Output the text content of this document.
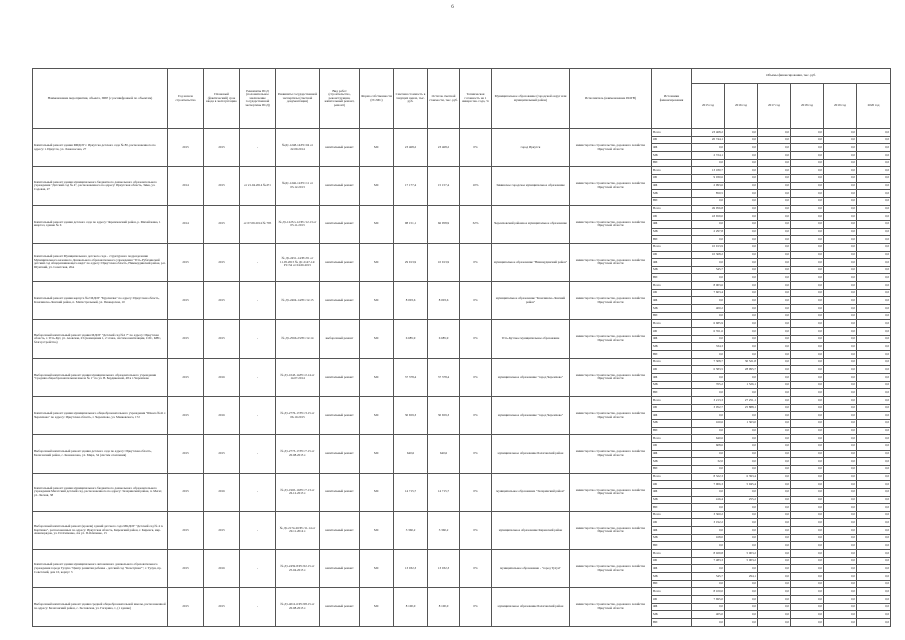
6
Наименование мероприятия, объекта, ППР (с расшифровкой по объектам)	Год начала строительства	Плановый (фактический) срок ввода в эксплуатацию	Реквизиты ПСД (положительное заключение государственной экспертизы ПСД)	Реквизиты государственной экспертизы (сметной документации)	Вид работ (строительство, реконструкция, капитальный ремонт, ремонт)	Форма собственности (ГС/МС)	Сметная стоимость в текущих ценах, тыс. руб.	Остаток сметной стоимости, тыс. руб.	Техническая готовность на 1 января тек. года, %	Муниципальное образование (городской округ или муниципальный район)	Исполнитель (наименование ИОГВ)	Источники финансирования	Объемы финансирования, тыс. руб.					
													2015 год	2016 год	2017 год	2018 год	2019 год	2020 год
Капитальный ремонт здания МБДОУ г. Иркутска детского сада № 80, расположенного по адресу: г. Иркутск, ул. Ломоносова, 27	2015	2015	-	№Дт-1248-14/РС/04 от 22.09.2014	капитальный ремонт	МС	23 468,2	23 468,2	0%	город Иркутск	министерство строительства, дорожного хозяйства Иркутской области	Всего	23 468,2	0,0	0,0	0,0	0,0	0,0
												ОБ	20 744,1	0,0	0,0	0,0	0,0	0,0
												ФБ	0,0	0,0	0,0	0,0	0,0	0,0
												МБ	2 724,1	0,0	0,0	0,0	0,0	0,0
												ВИ	0,0	0,0	0,0	0,0	0,0	0,0
Капитальный ремонт здания муниципального бюджетного дошкольного образовательного учреждения "Детский сад № 4", расположенного по адресу: Иркутская область, Зима, ул. Садовая, 27	2014	2015	от 21.04.2014 №471	№Дт-1246-12/РС/11 от 03.12.2013	капитальный ремонт	МС	17 177,4	15 157,4	10%	Зиминское городское муниципальное образование	министерство строительства, дорожного хозяйства Иркутской области	Всего	13 180,7	0,0	0,0	0,0	0,0	0,0
												ОБ	9 030,6	0,0	0,0	0,0	0,0	0,0
												ФБ	2 993,6	0,0	0,0	0,0	0,0	0,0
												МБ	850,5	0,0	0,0	0,0	0,0	0,0
												ВИ	0,0	0,0	0,0	0,0	0,0	0,0
Капитальный ремонт здания детского сада по адресу: Черемховский район, р. Михайловка, 1 квартал, здание № 6	2014	2015	от 07.09.2014 № 795	№ Дт-1225/з-12/РС/12.13 от 05.11.2013	капитальный ремонт	МС	98 151,1	66 958,9	32%	Черемховский районное муниципальное образование	министерство строительства, дорожного хозяйства Иркутской области	Всего	49 956,8	0,0	0,0	0,0	0,0	0,0
												ОБ	43 659,0	0,0	0,0	0,0	0,0	0,0
												ФБ	0,0	0,0	0,0	0,0	0,0	0,0
												МБ	2 297,8	0,0	0,0	0,0	0,0	0,0
												ВИ	0,0	0,0	0,0	0,0	0,0	0,0
Капитальный ремонт Муниципального детского сада - структурного подразделения Муниципального казенного Дошкольного образовательного учреждения "Усть-Рубахинский детский сад общеразвивающего вида" по адресу: Иркутская область, Нижнеудинский район, р.п. Шумский, ул. Советская, 26А	2015	2015	-	№ Дт-2451-14/РС/01 от 11.05.2015 № Дт-2147-14/РС/34 от 04.06.2015	капитальный ремонт	МС	29 913,9	10 913,9	0%	муниципальное образование "Нижнеудинский район"	министерство строительства, дорожного хозяйства Иркутской области	Всего	10 913,9	0,0	0,0	0,0	0,0	0,0
												ОБ	10 368,2	0,0	0,0	0,0	0,0	0,0
												ФБ	0,0	0,0	0,0	0,0	0,0	0,0
												МБ	545,7	0,0	0,0	0,0	0,0	0,0
												ВИ	0,0	0,0	0,0	0,0	0,0	0,0
Капитальный ремонт здания корпуса №2 МДОУ "Брусничка" по адресу: Иркутская область, Казачинско-Ленский район, п. Магистральный, ул. Пионерская, 10	2015	2015	-	№ Дт-2404-14/РС/12.15	капитальный ремонт	МС	8 003,6	8 003,6	0%	муниципальное образование "Казачинско-Ленский район"	министерство строительства, дорожного хозяйства Иркутской области	Всего	8 003,6	0,0	0,0	0,0	0,0	0,0
												ОБ	7 603,4	0,0	0,0	0,0	0,0	0,0
												ФБ	0,0	0,0	0,0	0,0	0,0	0,0
												МБ	400,2	0,0	0,0	0,0	0,0	0,0
												ВИ	0,0	0,0	0,0	0,0	0,0	0,0
Выборочный капитальный ремонт здания МДОУ "Детский сад №2 7" по адресу: Иркутская область, г. Усть-Кут, ул. Азовская, 23 (помещения 1, 2 этажа, система вентиляции, СЛС, КНС, благоустройство)	2015	2015	-	№ Дт-2566-23/РС/12.14	выборочный ремонт	МС	6 685,9	6 685,9	0%	Усть-Кутское муниципальное образование	министерство строительства, дорожного хозяйства Иркутской области	Всего	6 685,9	0,0	0,0	0,0	0,0	0,0
												ОБ	6 351,6	0,0	0,0	0,0	0,0	0,0
												ФБ	0,0	0,0	0,0	0,0	0,0	0,0
												МБ	334,3	0,0	0,0	0,0	0,0	0,0
												ВИ	0,0	0,0	0,0	0,0	0,0	0,0
Выборочный капитальный ремонт здания муниципального образовательного учреждения "Средняя общеобразовательная школа № 1" по ул. В. Бердикеевой, 48 в г. Черемхово	2015	2016	-	№ Дт-1043-14/РС/2.14 от 14.07.2014	капитальный ремонт	МС	37 378,4	37 378,4	0%	муниципальное образование "город Черемхово"	министерство строительства, дорожного хозяйства Иркутской области	Всего	7 308,7	30 521,8	0,0	0,0	0,0	0,0
												ОБ	6 583,5	28 995,7	0,0	0,0	0,0	0,0
												ФБ	0,0	0,0	0,0	0,0	0,0	0,0
												МБ	765,2	1 526,1	0,0	0,0	0,0	0,0
												ВИ	0,0	0,0	0,0	0,0	0,0	0,0
Капитальный ремонт здания муниципального общеобразовательного учреждения "Школа №41 г. Черемхово" по адресу: Иркутская область, г. Черемхово, ул. Маяковского, 172	2015	2016	-	№ Дт-2776-17/РС/3.15 от 06.10.2015	капитальный ремонт	МС	30 659,3	30 659,3	0%	муниципальное образование "город Черемхово"	министерство строительства, дорожного хозяйства Иркутской области	Всего	3 213,3	27 251,1	0,0	0,0	0,0	0,0
												ОБ	3 052,7	25 888,1	0,0	0,0	0,0	0,0
												ФБ	0,0	0,0	0,0	0,0	0,0	0,0
												МБ	160,6	1 363,0	0,0	0,0	0,0	0,0
												ВИ	0,0	0,0	0,0	0,0	0,0	0,0
Выборочный капитальный ремонт здания детского сада по адресу: Иркутская область, Балаганский район, с. Коновалово, ул. Мира, 34 (систем отопления)	2015	2015	-	№ Дт-2773-17/РС/7.15 от 20.08.2015 г.	капитальный ремонт	МС	640,6	640,6	0%	муниципальное образование Балаганский район	министерство строительства, дорожного хозяйства Иркутской области	Всего	640,6	0,0	0,0	0,0	0,0	0,0
												ОБ	608,6	0,0	0,0	0,0	0,0	0,0
												ФБ	0,0	0,0	0,0	0,0	0,0	0,0
												МБ	32,0	0,0	0,0	0,0	0,0	0,0
												ВИ	0,0	0,0	0,0	0,0	0,0	0,0
Капитальный ремонт здания муниципального бюджетного дошкольного образовательного учреждения Мегетский детский сад, расположенного по адресу: Заларинский район, п. Мегет, ул. Лесная, 38	2015	2016	-	№ Дт-1965-10/РС/7.13 от 26.12.2013 г.	капитальный ремонт	МС	14 715,7	14 715,7	0%	муниципальное образование "Заларинский район"	министерство строительства, дорожного хозяйства Иркутской области	Всего	8 322,3	6 393,4	0,0	0,0	0,0	0,0
												ОБ	7 906,3	5 945,4	0,0	0,0	0,0	0,0
												ФБ	0,0	0,0	0,0	0,0	0,0	0,0
												МБ	416,4	255,2	0,0	0,0	0,0	0,0
												ВИ	0,0	0,0	0,0	0,0	0,0	0,0
Выборочный капитальный ремонт (кровли) зданий детского сада МКДОУ "Детский сад № 4 п. Кортинка", расположенных по адресу: Иркутская область, Киренский район, г. Киренск, мкр. Авиапорядок, ул. П.Осипенко, 4 и ул. П.Осипенко, 15	2015	2015	-	№ Дт-2174-20/РС/11.14 от 29.11.2014 г.	капитальный ремонт	МС	3 360,2	3 360,2	0%	муниципальное образование Киренский район	министерство строительства, дорожного хозяйства Иркутской области	Всего	3 360,2	0,0	0,0	0,0	0,0	0,0
												ОБ	3 192,2	0,0	0,0	0,0	0,0	0,0
												ФБ	0,0	0,0	0,0	0,0	0,0	0,0
												МБ	168,0	0,0	0,0	0,0	0,0	0,0
												ВИ	0,0	0,0	0,0	0,0	0,0	0,0
Капитальный ремонт здания муниципального автономного дошкольного образовательного учреждения города Тулуна "Центр развития ребенка - детский сад "Кочетушка"", г. Тулун, пр. Советский, дом 10, корпус 3	2015	2016	-	№ Дт-2459-8/РС/02.15 от 25.04.2015 г.	капитальный ремонт	МС	13 032,3	13 032,3	0%	муниципальное образование - "город Тулун"	министерство строительства, дорожного хозяйства Иркутской области	Всего	8 029,8	5 003,2	0,0	0,0	0,0	0,0
												ОБ	7 483,3	5 003,2	0,0	0,0	0,0	0,0
												ФБ	0,0	0,0	0,0	0,0	0,0	0,0
												МБ	545,7	294,1	0,0	0,0	0,0	0,0
												ВИ	0,0	0,0	0,0	0,0	0,0	0,0
Выборочный капитальный ремонт здания средней общеобразовательной школы, расположенной по адресу: Балаганский район, с. Заславская, ул. Гагарина, 1, (1 здание)	2015	2015	-	№ Дт-4012-6/РС/08.15 от 20.08.2015 г.	капитальный ремонт	МС	8 100,0	8 100,0	0%	муниципальное образование Балаганский район	министерство строительства, дорожного хозяйства Иркутской области	Всего	8 100,0	0,0	0,0	0,0	0,0	0,0
												ОБ	7 695,0	0,0	0,0	0,0	0,0	0,0
												ФБ	0,0	0,0	0,0	0,0	0,0	0,0
												МБ	405,0	0,0	0,0	0,0	0,0	0,0
												ВИ	0,0	0,0	0,0	0,0	0,0	0,0
